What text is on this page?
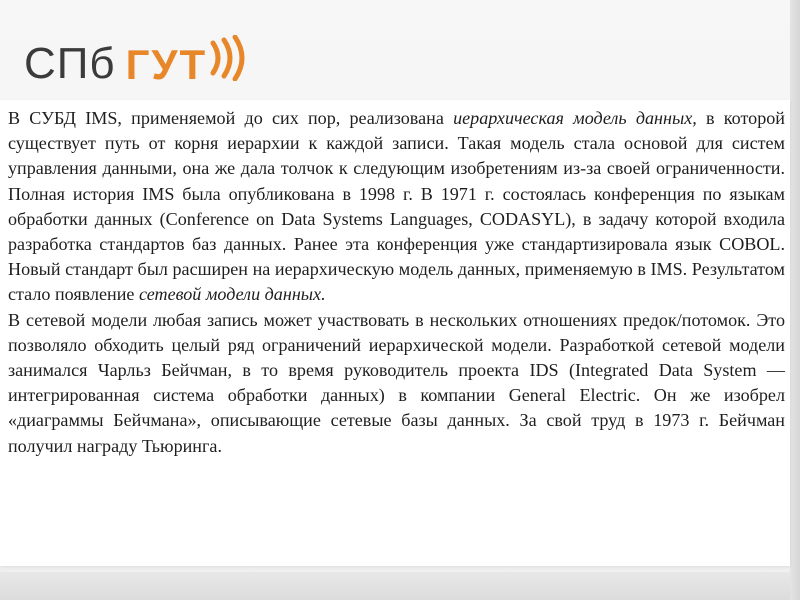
СПб ГУТ

В СУБД IMS, применяемой до сих пор, реализована иерархическая модель данных, в которой существует путь от корня иерархии к каждой записи. Такая модель стала основой для систем управления данными, она же дала толчок к следующим изобретениям из-за своей ограниченности. Полная история IMS была опубликована в 1998 г. В 1971 г. состоялась конференция по языкам обработки данных (Conference on Data Systems Languages, CODASYL), в задачу которой входила разработка стандартов баз данных. Ранее эта конференция уже стандартизировала язык COBOL. Новый стандарт был расширен на иерархическую модель данных, применяемую в IMS. Результатом стало появление сетевой модели данных.

В сетевой модели любая запись может участвовать в нескольких отношениях предок/потомок. Это позволяло обходить целый ряд ограничений иерархической модели. Разработкой сетевой модели занимался Чарльз Бейчман, в то время руководитель проекта IDS (Integrated Data System — интегрированная система обработки данных) в компании General Electric. Он же изобрел «диаграммы Бейчмана», описывающие сетевые базы данных. За свой труд в 1973 г. Бейчман получил награду Тьюринга.
